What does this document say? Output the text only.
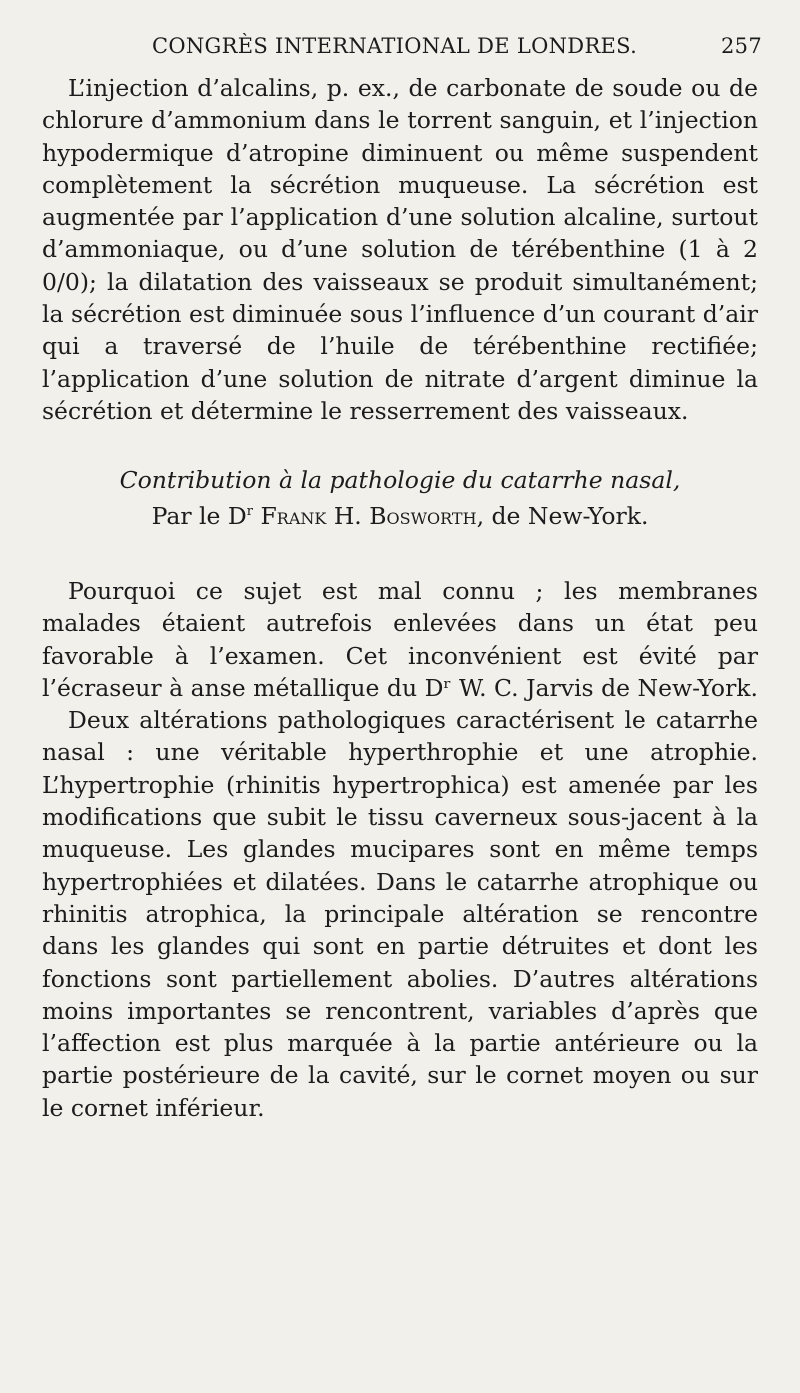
CONGRÈS INTERNATIONAL DE LONDRES.	257

L’injection d’alcalins, p. ex., de carbonate de soude ou de chlorure d’ammonium dans le torrent sanguin, et l’injection hypodermique d’atropine diminuent ou même suspendent complètement la sécrétion muqueuse. La sécrétion est augmentée par l’application d’une solution alcaline, surtout d’ammoniaque, ou d’une solution de térébenthine (1 à 2 0/0); la dilatation des vaisseaux se produit simultanément; la sécrétion est diminuée sous l’influence d’un courant d’air qui a traversé de l’huile de térébenthine rectifiée; l’application d’une solution de nitrate d’argent diminue la sécrétion et détermine le resserrement des vaisseaux.

Contribution à la pathologie du catarrhe nasal,
Par le $D^r$ Frank H. Bosworth, de New-York.

Pourquoi ce sujet est mal connu ; les membranes malades étaient autrefois enlevées dans un état peu favorable à l’examen. Cet inconvénient est évité par l’écraseur à anse métallique du Dʳ W. C. Jarvis de New-York.

Deux altérations pathologiques caractérisent le catarrhe nasal : une véritable hyperthrophie et une atrophie. L’hypertrophie (rhinitis hypertrophica) est amenée par les modifications que subit le tissu caverneux sous-jacent à la muqueuse. Les glandes mucipares sont en même temps hypertrophiées et dilatées. Dans le catarrhe atrophique ou rhinitis atrophica, la principale altération se rencontre dans les glandes qui sont en partie détruites et dont les fonctions sont partiellement abolies. D’autres altérations moins importantes se rencontrent, variables d’après que l’affection est plus marquée à la partie antérieure ou la partie postérieure de la cavité, sur le cornet moyen ou sur le cornet inférieur.
